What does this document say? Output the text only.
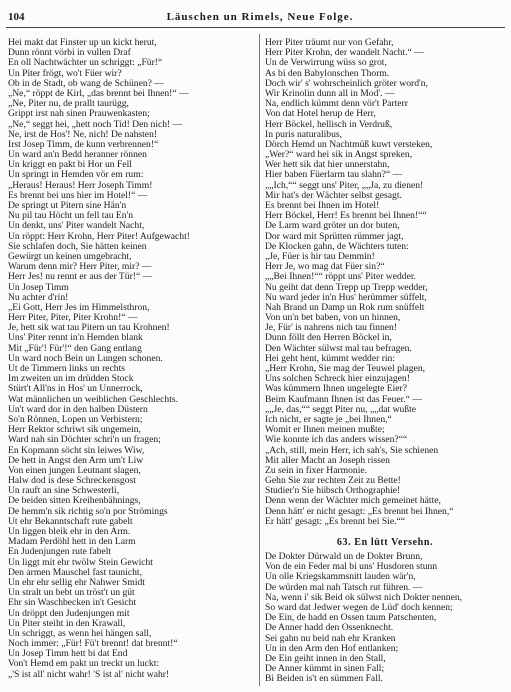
104	Läuschen un Rimels, Neue Folge.
Hei makt dat Finster up un kickt herut,
Dunn rönnt vörbi in vullen Draf
En oll Nachtwächter un schriggt: „Für!“
Un Piter frögt, wo't Füer wir?
Ob in de Stadt, ob wang de Schünen? —
„Ne,“ röppt de Kirl, „das brennt bei Ihnen!“ —
„Ne, Piter nu, de prallt taurügg,
Grippt irst nah sinen Prauwenkasten;
„Ne,“ seggt hei, „hett noch Tid! Den nich! —
Ne, irst de Hos'! Ne, nich! De nahsten!
Irst Josep Timm, de kunn verbrennen!“
Un ward an'n Bedd heranner rönnen
Un kriggt en pakt bi Hor un Fell
Un springt in Hemden vör em rum:
„Heraus! Heraus! Herr Joseph Timm!
Es brennt bei uns hier im Hotel!“ —
De springt ut Pitern sine Hän'n
Nu pil tau Höcht un fell tau En'n
Un denkt, uns' Piter wandelt Nacht,
Un röppt: Herr Krohn, Herr Piter! Aufgewacht!
Sie schlafen doch, Sie hätten keinen
Gewürgt un keinen umgebracht,
Warum denn mir? Herr Piter, mir? —
Herr Jes! nu rennt er aus der Tür!“ —
Un Josep Timm
Nu achter d'rin!
„Ei Gott, Herr Jes im Himmelsthron,
Herr Piter, Piter, Piter Krohn!“ —
Je, hett sik wat tau Pitern un tau Krohnen!
Uns' Piter rennt in'n Hemden blank
Mit „Für'! Für'!“ den Gang entlang
Un ward noch Bein un Lungen schonen.
Ut de Timmern links un rechts
Im zweiten un im drüdden Stock
Stürt't All'ns in Hos' un Unnerrock,
Wat männlichen un weiblichen Geschlechts.
Un't ward dor in den halben Düstern
So'n Rönnen, Lopen un Verbistern;
Herr Rektor schriwt sik ungemein,
Ward nah sin Döchter schri'n un fragen;
En Kopmann söcht sin leiwes Wiw,
De hett in Angst den Arm um't Liw
Von einen jungen Leutnant slagen,
Halw dod is dese Schreckensgost
Un rauft an sine Schwesterli,
De beiden sitten Kreihenbähnings,
De hemm'n sik richtig so'n por Strömings
Ut ehr Bekanntschaft rute gabelt
Un liggen bleik ehr in den Arm.
Madam Perdöhl hett in den Larm
En Judenjungen rute fabelt
Un liggt mit ehr twölw Stein Gewicht
Den armen Mauschel fast taunicht,
Un ehr ehr sellig ehr Nahwer Smidt
Un stralt un bebt un tröst't un güt
Ehr sin Waschbecken in't Gesicht
Un dröppt den Judenjungen mit
Un Piter steiht in den Krawall,
Un schriggt, as wenn hei hängen sall,
Noch immer: „Für! Fü't brennt! dat brennt!“
Un Josep Timm hett bi dat End
Von't Hemd em pakt un treckt un luckt:
„'S ist all' nicht wahr! 'S ist al' nicht wahr!
Herr Piter träumt nur von Gefahr,
Herr Piter Krohn, der wandelt Nacht.“ —
Un de Verwirrung wüss so grot,
As bi den Babylonschen Thorm.
Doch wir' s' wohrscheinlich gröter word'n,
Wir Krinolin dunn all in Mod'. —
Na, endlich kümmt denn vör't Parterr
Von dat Hotel herup de Herr,
Herr Böckel, hellisch in Verdruß,
In puris naturalibus,
Dörch Hemd un Nachtmüß kuwt versteken,
„Wer?“ ward hei sik in Angst spreken,
Wer hett sik dat hier unnerstahn,
Hier baben Füerlarm tau slahn?“ —
„„Ich,““ seggt uns' Piter, „„Ja, zu dienen!
Mir hat's der Wächter selbst gesagt.
Es brennt bei Ihnen im Hotel!
Herr Böckel, Herr! Es brennt bei Ihnen!““
De Larm ward gröter un dor buten,
Dor ward mit Sprütten rümmer jagt,
De Klocken gahn, de Wächters tuten:
„Je, Füer is hir tau Demmin!
Herr Je, wo mag dat Füer sin?“
„„Bei Ihnen!““ röppt uns' Piter wedder.
Nu geiht dat denn Trepp up Trepp wedder,
Nu ward jeder in'n Hus' herümmer süffelt,
Nah Brand un Damp un Rok rum snüffelt
Von un'n bet baben, von un hinnen,
Je, Für' is nahrens nich tau finnen!
Dunn föllt den Herren Böckel in,
Den Wächter sülwst mal tau befragen.
Hei geht hent, kümmt wedder rin:
„Herr Krohn, Sie mag der Teuwel plagen,
Uns solchen Schreck hier einzujagen!
Was kümmern Ihnen ungelegte Eier?
Beim Kaufmann Ihnen ist das Feuer.“ —
„„Je, das,““ seggt Piter nu, „„dat wußte
Ich nicht, er sagte je „bei Ihnen,“
Womit er Ihnen meinen mußte;
Wie konnte ich das anders wissen?““
„Ach, still, mein Herr, ich sah's, Sie schienen
Mit aller Macht an Joseph rissen
Zu sein in fixer Harmonie.
Gehn Sie zur rechten Zeit zu Bette!
Studier'n Sie hübsch Orthographie!
Denn wenn der Wächter mich gemeinet hätte,
Denn hätt' er nicht gesagt: „Es brennt bei Ihnen,“
Er hätt' gesagt: „Es brennt bei Sie.““
63. En lütt Versehn.
De Dokter Dürwald un de Dokter Brunn,
Von de ein Feder mal bi uns' Husdoren stunn
Un olle Kriegskammsnitt lauden wär'n,
De würden mal nah Tatsch rut führen. —
Na, wenn i' sik Beid ok sülwst nich Dokter nennen,
So ward dat Jedwer wegen de Lüd' doch kennen;
De Ein, de hadd en Ossen taum Patschenten,
De Anner hadd den Ossenknecht.
Sei gahn nu beid nah ehr Kranken
Un in den Arm den Hof entlanken;
De Ein geiht innen in den Stall,
De Anner kümmt in sinen Fall;
Bi Beiden is't en sümmen Fall.
